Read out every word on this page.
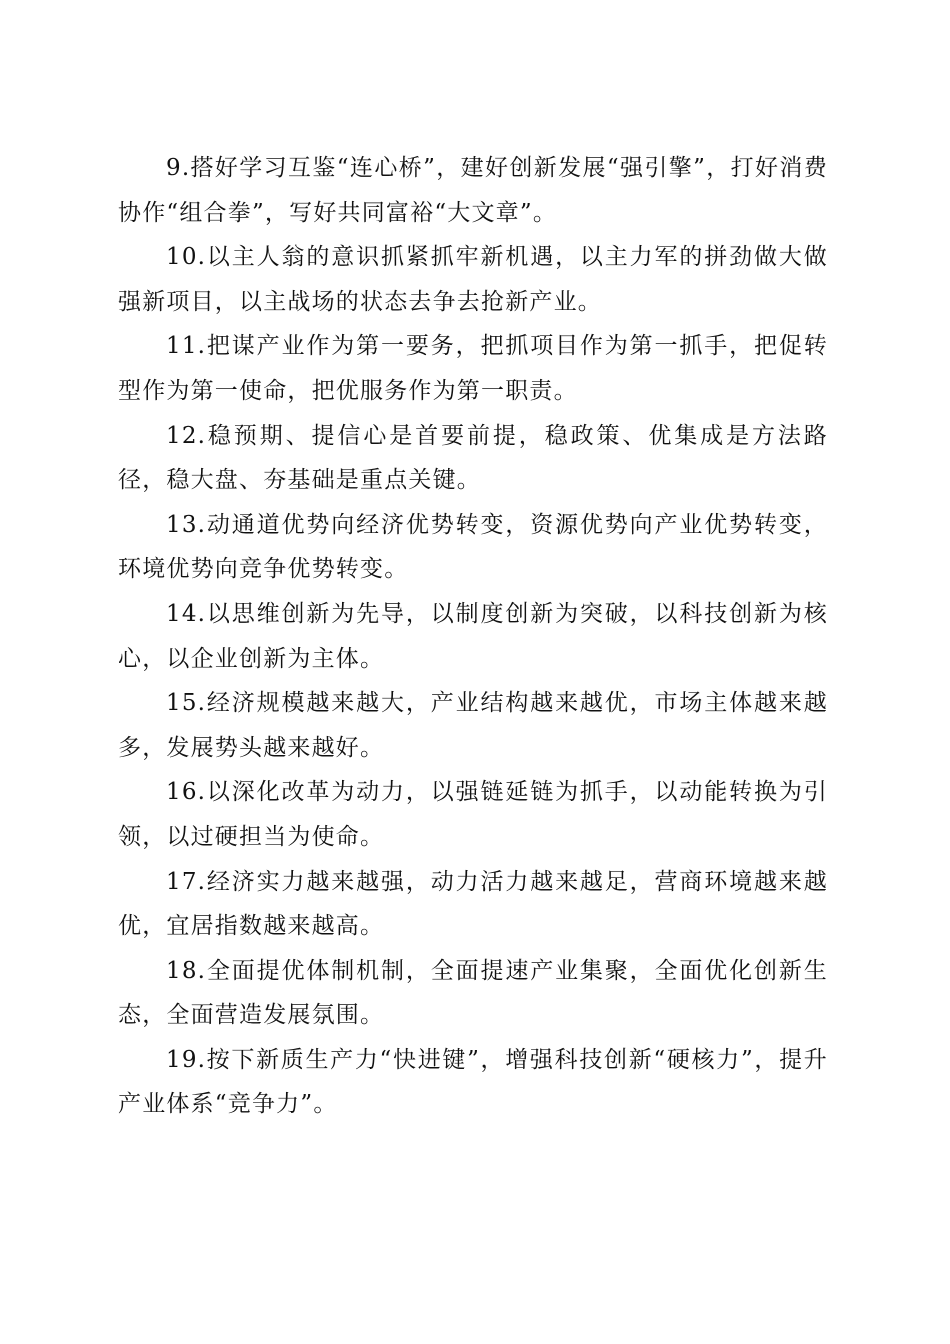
9.搭好学习互鉴“连心桥”，建好创新发展“强引擎”，打好消费协作“组合拳”，写好共同富裕“大文章”。

10.以主人翁的意识抓紧抓牢新机遇，以主力军的拼劲做大做强新项目，以主战场的状态去争去抢新产业。

11.把谋产业作为第一要务，把抓项目作为第一抓手，把促转型作为第一使命，把优服务作为第一职责。

12.稳预期、提信心是首要前提，稳政策、优集成是方法路径，稳大盘、夯基础是重点关键。

13.动通道优势向经济优势转变，资源优势向产业优势转变，环境优势向竞争优势转变。

14.以思维创新为先导，以制度创新为突破，以科技创新为核心，以企业创新为主体。

15.经济规模越来越大，产业结构越来越优，市场主体越来越多，发展势头越来越好。

16.以深化改革为动力，以强链延链为抓手，以动能转换为引领，以过硬担当为使命。

17.经济实力越来越强，动力活力越来越足，营商环境越来越优，宜居指数越来越高。

18.全面提优体制机制，全面提速产业集聚，全面优化创新生态，全面营造发展氛围。

19.按下新质生产力“快进键”，增强科技创新“硬核力”，提升产业体系“竞争力”。
